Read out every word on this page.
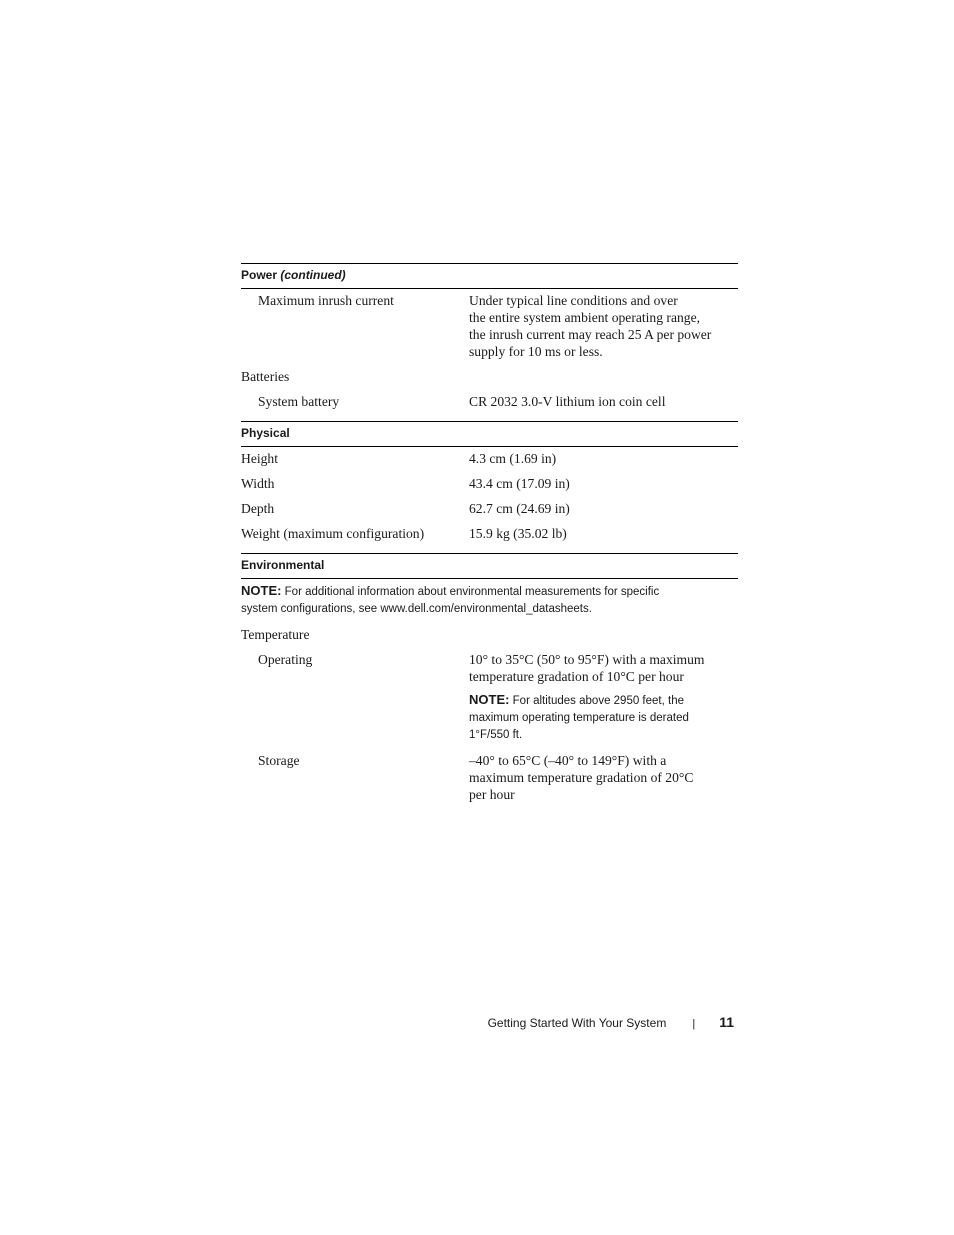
Power (continued)
Maximum inrush current	Under typical line conditions and over
the entire system ambient operating range,
the inrush current may reach 25 A per power
supply for 10 ms or less.
Batteries
System battery	CR 2032 3.0-V lithium ion coin cell
Physical
Height	4.3 cm (1.69 in)
Width	43.4 cm (17.09 in)
Depth	62.7 cm (24.69 in)
Weight (maximum configuration)	15.9 kg (35.02 lb)
Environmental
NOTE: For additional information about environmental measurements for specific
system configurations, see www.dell.com/environmental_datasheets.
Temperature
Operating	10° to 35°C (50° to 95°F) with a maximum
temperature gradation of 10°C per hour
NOTE: For altitudes above 2950 feet, the
maximum operating temperature is derated
1°F/550 ft.
Storage	–40° to 65°C (–40° to 149°F) with a
maximum temperature gradation of 20°C
per hour
Getting Started With Your System | 11
